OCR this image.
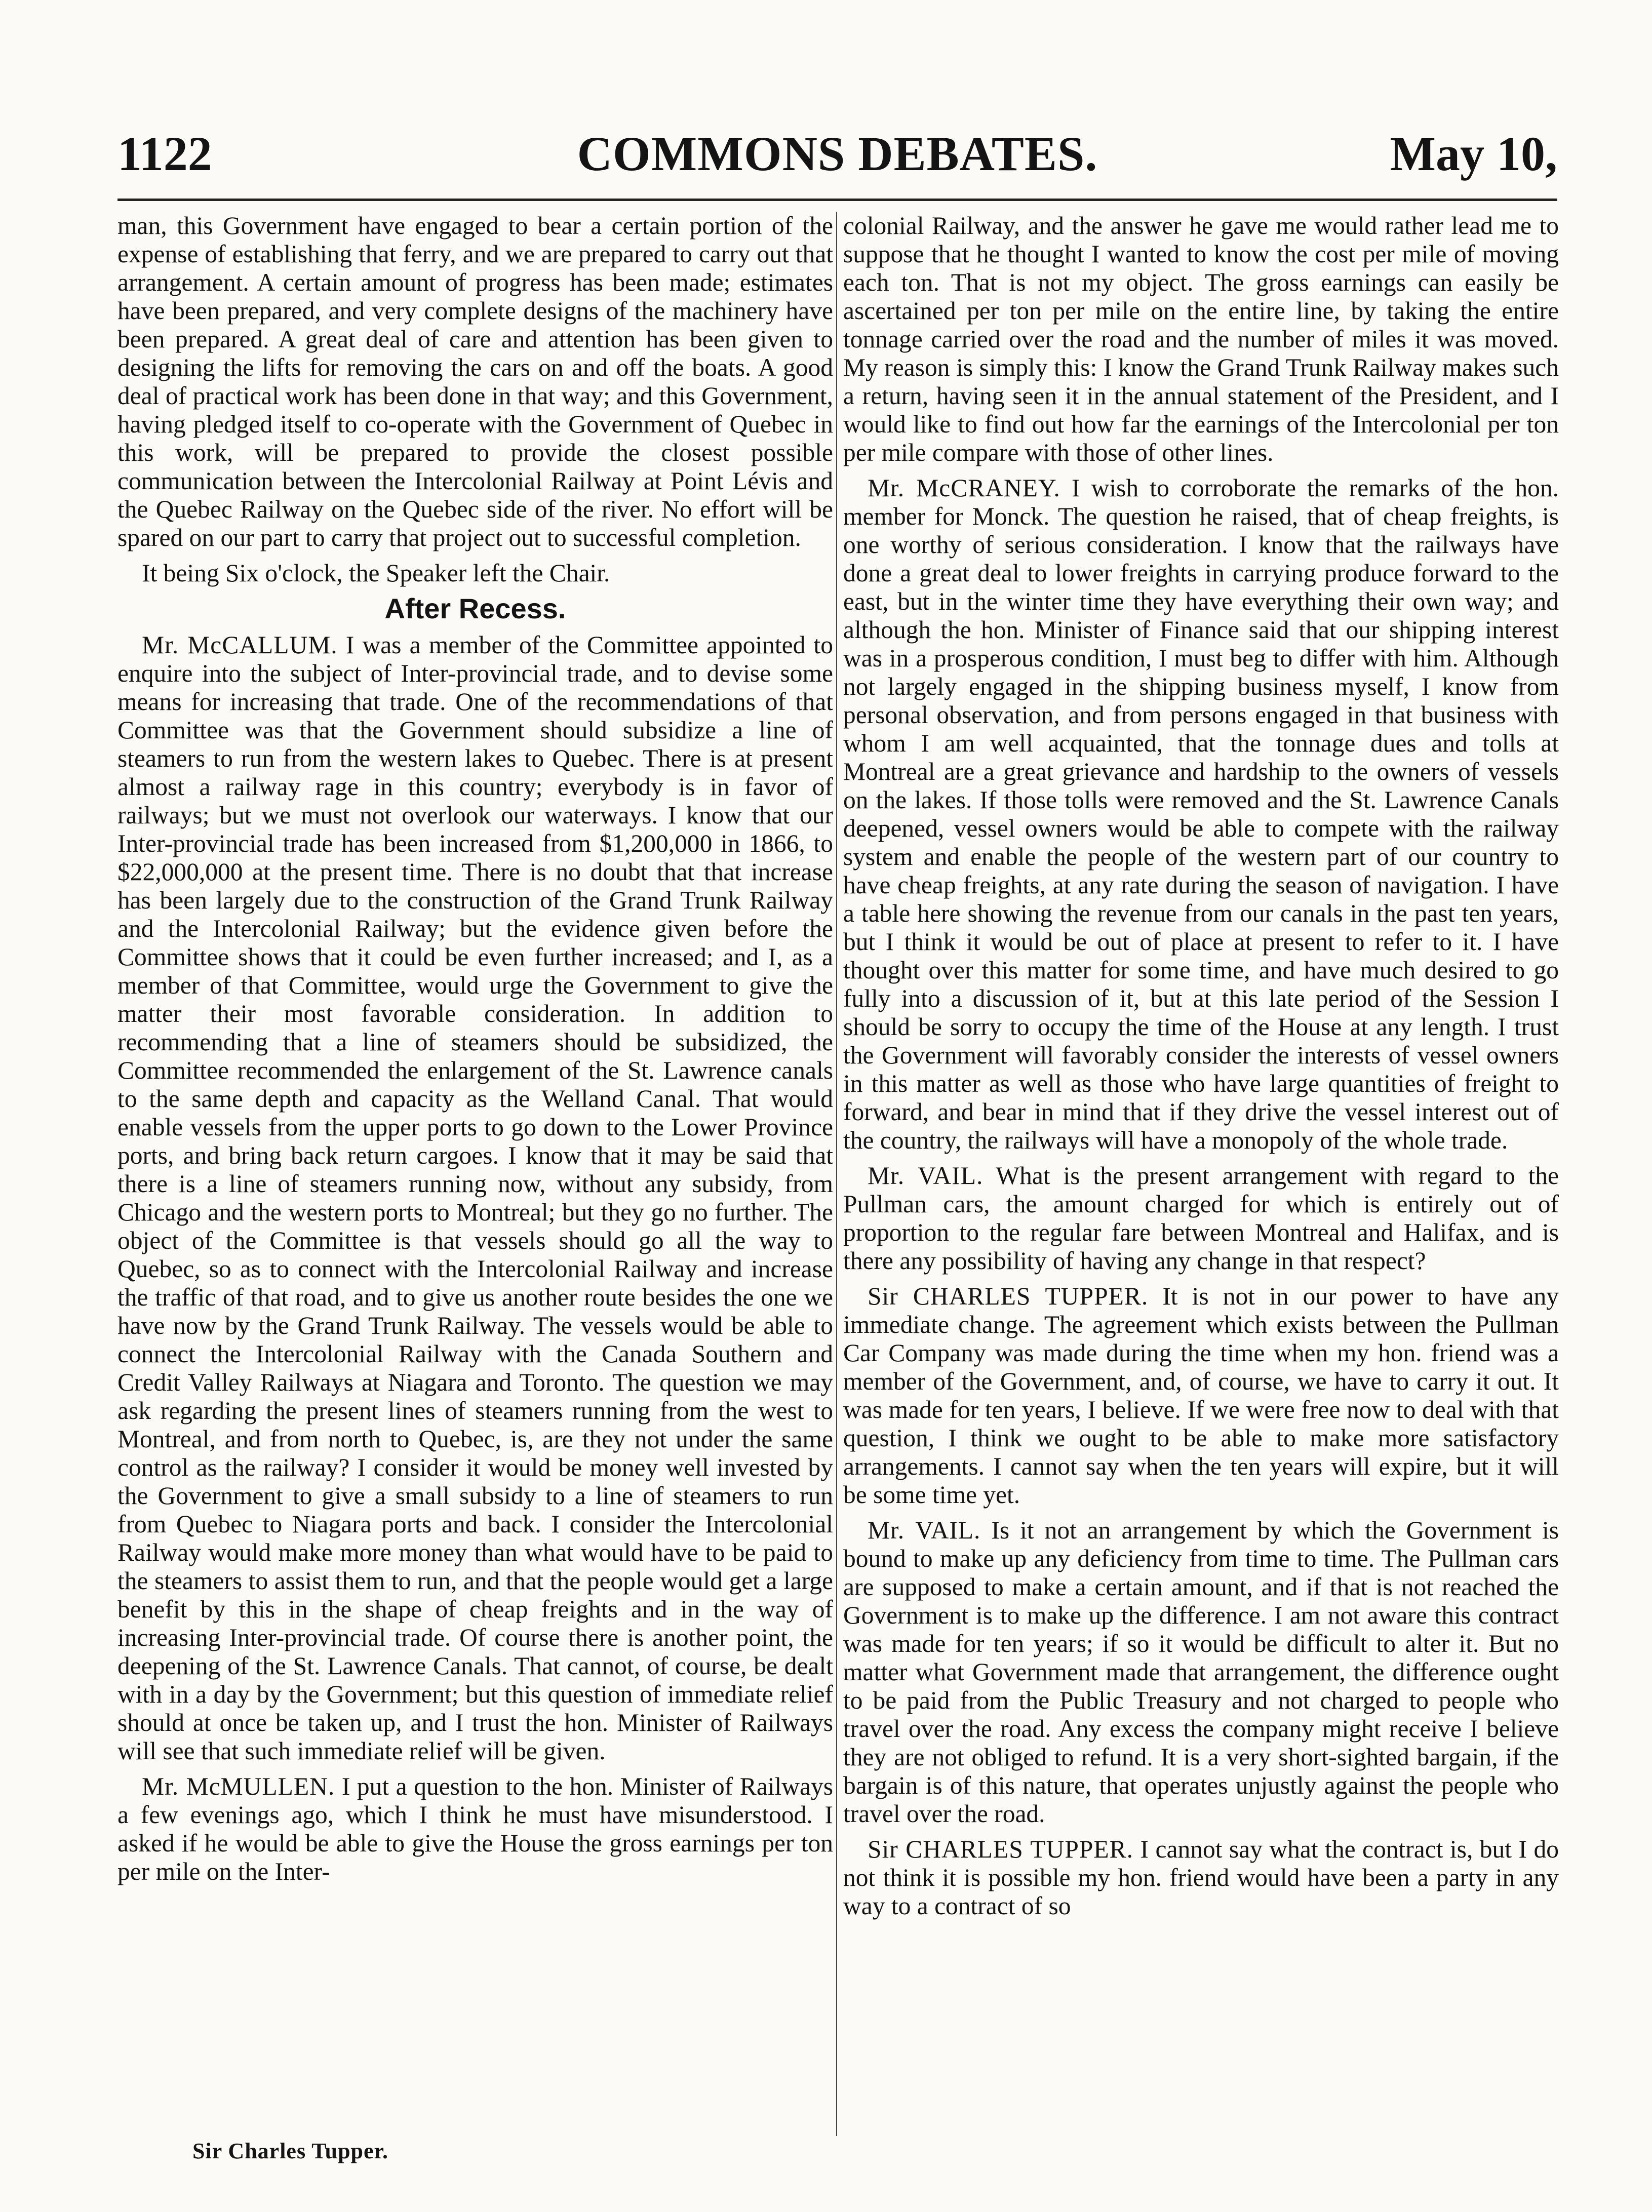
1122	COMMONS DEBATES.	May 10,

man, this Government have engaged to bear a certain portion of the expense of establishing that ferry, and we are prepared to carry out that arrangement. A certain amount of progress has been made; estimates have been prepared, and very complete designs of the machinery have been prepared. A great deal of care and attention has been given to designing the lifts for removing the cars on and off the boats. A good deal of practical work has been done in that way; and this Government, having pledged itself to co-operate with the Government of Quebec in this work, will be prepared to provide the closest possible communication between the Intercolonial Railway at Point Lévis and the Quebec Railway on the Quebec side of the river. No effort will be spared on our part to carry that project out to successful completion.

It being Six o'clock, the Speaker left the Chair.

After Recess.

Mr. McCALLUM. I was a member of the Committee appointed to enquire into the subject of Inter-provincial trade, and to devise some means for increasing that trade. One of the recommendations of that Committee was that the Government should subsidize a line of steamers to run from the western lakes to Quebec. There is at present almost a railway rage in this country; everybody is in favor of railways; but we must not overlook our waterways. I know that our Inter-provincial trade has been increased from $1,200,000 in 1866, to $22,000,000 at the present time. There is no doubt that that increase has been largely due to the construction of the Grand Trunk Railway and the Intercolonial Railway; but the evidence given before the Committee shows that it could be even further increased; and I, as a member of that Committee, would urge the Government to give the matter their most favorable consideration. In addition to recommending that a line of steamers should be subsidized, the Committee recommended the enlargement of the St. Lawrence canals to the same depth and capacity as the Welland Canal. That would enable vessels from the upper ports to go down to the Lower Province ports, and bring back return cargoes. I know that it may be said that there is a line of steamers running now, without any subsidy, from Chicago and the western ports to Montreal; but they go no further. The object of the Committee is that vessels should go all the way to Quebec, so as to connect with the Intercolonial Railway and increase the traffic of that road, and to give us another route besides the one we have now by the Grand Trunk Railway. The vessels would be able to connect the Intercolonial Railway with the Canada Southern and Credit Valley Railways at Niagara and Toronto. The question we may ask regarding the present lines of steamers running from the west to Montreal, and from north to Quebec, is, are they not under the same control as the railway? I consider it would be money well invested by the Government to give a small subsidy to a line of steamers to run from Quebec to Niagara ports and back. I consider the Intercolonial Railway would make more money than what would have to be paid to the steamers to assist them to run, and that the people would get a large benefit by this in the shape of cheap freights and in the way of increasing Inter-provincial trade. Of course there is another point, the deepening of the St. Lawrence Canals. That cannot, of course, be dealt with in a day by the Government; but this question of immediate relief should at once be taken up, and I trust the hon. Minister of Railways will see that such immediate relief will be given.

Mr. McMULLEN. I put a question to the hon. Minister of Railways a few evenings ago, which I think he must have misunderstood. I asked if he would be able to give the House the gross earnings per ton per mile on the Inter-

colonial Railway, and the answer he gave me would rather lead me to suppose that he thought I wanted to know the cost per mile of moving each ton. That is not my object. The gross earnings can easily be ascertained per ton per mile on the entire line, by taking the entire tonnage carried over the road and the number of miles it was moved. My reason is simply this: I know the Grand Trunk Railway makes such a return, having seen it in the annual statement of the President, and I would like to find out how far the earnings of the Intercolonial per ton per mile compare with those of other lines.

Mr. McCRANEY. I wish to corroborate the remarks of the hon. member for Monck. The question he raised, that of cheap freights, is one worthy of serious consideration. I know that the railways have done a great deal to lower freights in carrying produce forward to the east, but in the winter time they have everything their own way; and although the hon. Minister of Finance said that our shipping interest was in a prosperous condition, I must beg to differ with him. Although not largely engaged in the shipping business myself, I know from personal observation, and from persons engaged in that business with whom I am well acquainted, that the tonnage dues and tolls at Montreal are a great grievance and hardship to the owners of vessels on the lakes. If those tolls were removed and the St. Lawrence Canals deepened, vessel owners would be able to compete with the railway system and enable the people of the western part of our country to have cheap freights, at any rate during the season of navigation. I have a table here showing the revenue from our canals in the past ten years, but I think it would be out of place at present to refer to it. I have thought over this matter for some time, and have much desired to go fully into a discussion of it, but at this late period of the Session I should be sorry to occupy the time of the House at any length. I trust the Government will favorably consider the interests of vessel owners in this matter as well as those who have large quantities of freight to forward, and bear in mind that if they drive the vessel interest out of the country, the railways will have a monopoly of the whole trade.

Mr. VAIL. What is the present arrangement with regard to the Pullman cars, the amount charged for which is entirely out of proportion to the regular fare between Montreal and Halifax, and is there any possibility of having any change in that respect?

Sir CHARLES TUPPER. It is not in our power to have any immediate change. The agreement which exists between the Pullman Car Company was made during the time when my hon. friend was a member of the Government, and, of course, we have to carry it out. It was made for ten years, I believe. If we were free now to deal with that question, I think we ought to be able to make more satisfactory arrangements. I cannot say when the ten years will expire, but it will be some time yet.

Mr. VAIL. Is it not an arrangement by which the Government is bound to make up any deficiency from time to time. The Pullman cars are supposed to make a certain amount, and if that is not reached the Government is to make up the difference. I am not aware this contract was made for ten years; if so it would be difficult to alter it. But no matter what Government made that arrangement, the difference ought to be paid from the Public Treasury and not charged to people who travel over the road. Any excess the company might receive I believe they are not obliged to refund. It is a very short-sighted bargain, if the bargain is of this nature, that operates unjustly against the people who travel over the road.

Sir CHARLES TUPPER. I cannot say what the contract is, but I do not think it is possible my hon. friend would have been a party in any way to a contract of so

Sir Charles Tupper.
